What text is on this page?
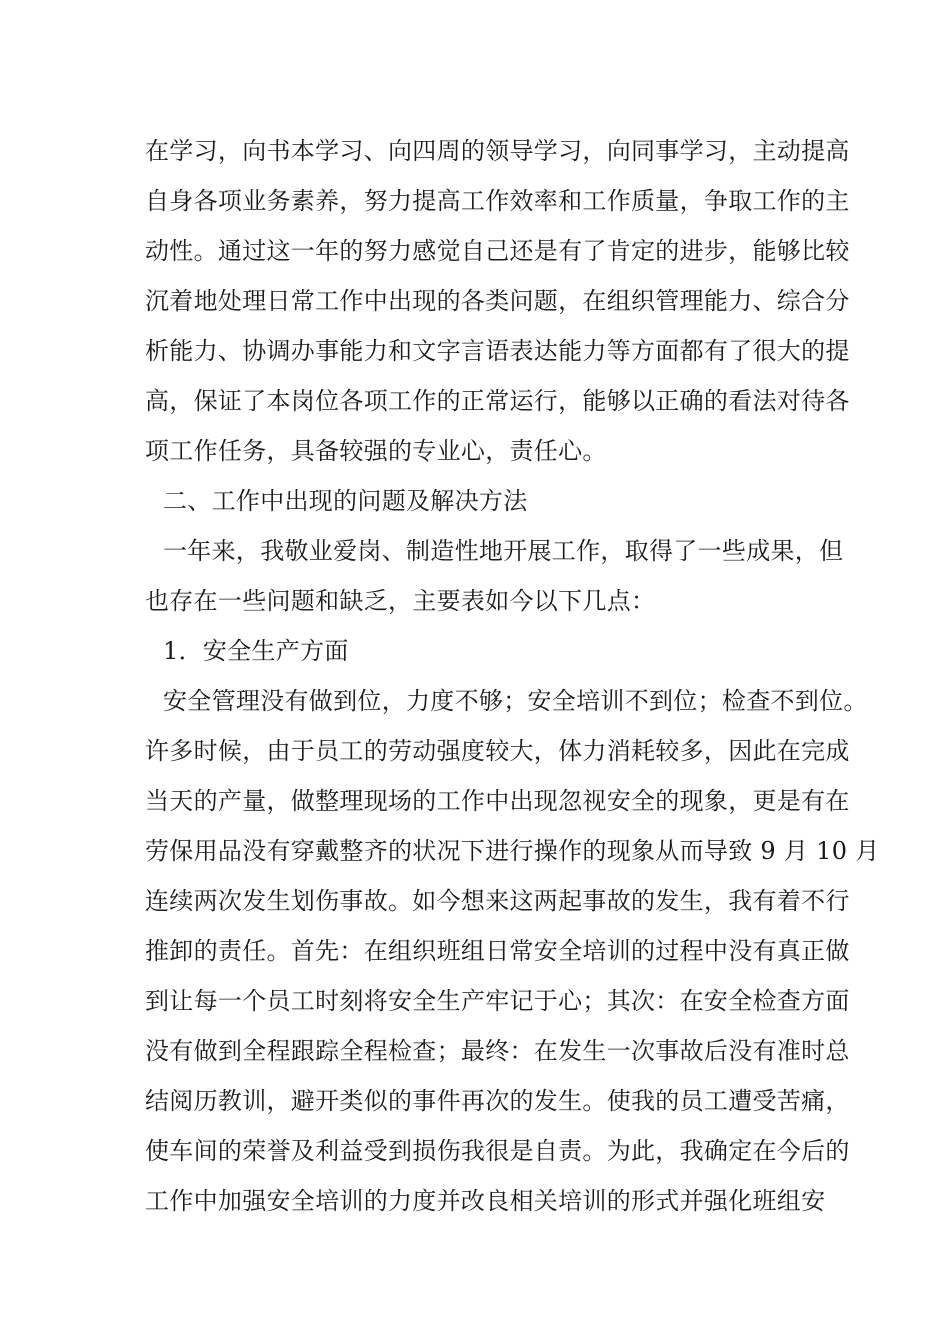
在学习，向书本学习、向四周的领导学习，向同事学习，主动提高
自身各项业务素养，努力提高工作效率和工作质量，争取工作的主
动性。通过这一年的努力感觉自己还是有了肯定的进步，能够比较
沉着地处理日常工作中出现的各类问题，在组织管理能力、综合分
析能力、协调办事能力和文字言语表达能力等方面都有了很大的提
高，保证了本岗位各项工作的正常运行，能够以正确的看法对待各
项工作任务，具备较强的专业心，责任心。
二、工作中出现的问题及解决方法
一年来，我敬业爱岗、制造性地开展工作，取得了一些成果，但
也存在一些问题和缺乏，主要表如今以下几点：
1．安全生产方面
安全管理没有做到位，力度不够；安全培训不到位；检查不到位。
许多时候，由于员工的劳动强度较大，体力消耗较多，因此在完成
当天的产量，做整理现场的工作中出现忽视安全的现象，更是有在
劳保用品没有穿戴整齐的状况下进行操作的现象从而导致 9 月 10 月
连续两次发生划伤事故。如今想来这两起事故的发生，我有着不行
推卸的责任。首先：在组织班组日常安全培训的过程中没有真正做
到让每一个员工时刻将安全生产牢记于心；其次：在安全检查方面
没有做到全程跟踪全程检查；最终：在发生一次事故后没有准时总
结阅历教训，避开类似的事件再次的发生。使我的员工遭受苦痛，
使车间的荣誉及利益受到损伤我很是自责。为此，我确定在今后的
工作中加强安全培训的力度并改良相关培训的形式并强化班组安
